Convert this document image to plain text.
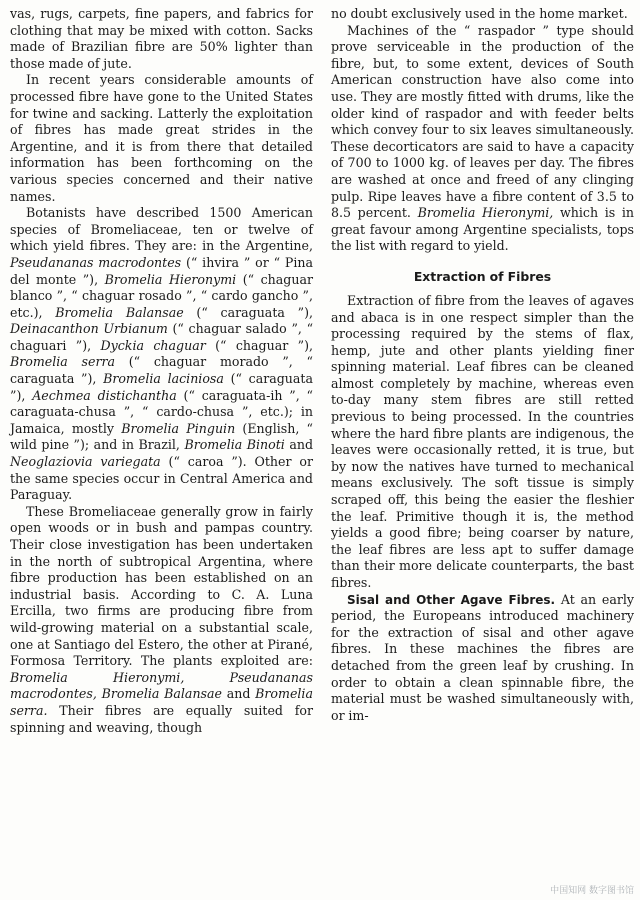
vas, rugs, carpets, fine papers, and fabrics for clothing that may be mixed with cotton. Sacks made of Brazilian fibre are 50% lighter than those made of jute.

In recent years considerable amounts of processed fibre have gone to the United States for twine and sacking. Latterly the exploitation of fibres has made great strides in the Argentine, and it is from there that detailed information has been forthcoming on the various species concerned and their native names.

Botanists have described 1500 American species of Bromeliaceae, ten or twelve of which yield fibres. They are: in the Argentine, Pseudananas macrodontes (“ ihvira ” or “ Pina del monte ”), Bromelia Hieronymi (“ chaguar blanco ”, “ chaguar rosado ”, “ cardo gancho ”, etc.), Bromelia Balansae (“ caraguata ”), Deinacanthon Urbianum (“ chaguar salado ”, “ chaguari ”), Dyckia chaguar (“ chaguar ”), Bromelia serra (“ chaguar morado ”, “ caraguata ”), Bromelia laciniosa (“ caraguata ”), Aechmea distichantha (“ caraguata-ih ”, “ caraguata-chusa ”, “ cardo-chusa ”, etc.); in Jamaica, mostly Bromelia Pinguin (English, “ wild pine ”); and in Brazil, Bromelia Binoti and Neoglaziovia variegata (“ caroa ”). Other or the same species occur in Central America and Paraguay.

These Bromeliaceae generally grow in fairly open woods or in bush and pampas country. Their close investigation has been undertaken in the north of subtropical Argentina, where fibre production has been established on an industrial basis. According to C. A. Luna Ercilla, two firms are producing fibre from wild-growing material on a substantial scale, one at Santiago del Estero, the other at Pirané, Formosa Territory. The plants exploited are: Bromelia Hieronymi, Pseudananas macrodontes, Bromelia Balansae and Bromelia serra. Their fibres are equally suited for spinning and weaving, though

no doubt exclusively used in the home market.

Machines of the “ raspador ” type should prove serviceable in the production of the fibre, but, to some extent, devices of South American construction have also come into use. They are mostly fitted with drums, like the older kind of raspador and with feeder belts which convey four to six leaves simultaneously. These decorticators are said to have a capacity of 700 to 1000 kg. of leaves per day. The fibres are washed at once and freed of any clinging pulp. Ripe leaves have a fibre content of 3.5 to 8.5 percent. Bromelia Hieronymi, which is in great favour among Argentine specialists, tops the list with regard to yield.

Extraction of Fibres

Extraction of fibre from the leaves of agaves and abaca is in one respect simpler than the processing required by the stems of flax, hemp, jute and other plants yielding finer spinning material. Leaf fibres can be cleaned almost completely by machine, whereas even to-day many stem fibres are still retted previous to being processed. In the countries where the hard fibre plants are indigenous, the leaves were occasionally retted, it is true, but by now the natives have turned to mechanical means exclusively. The soft tissue is simply scraped off, this being the easier the fleshier the leaf. Primitive though it is, the method yields a good fibre; being coarser by nature, the leaf fibres are less apt to suffer damage than their more delicate counterparts, the bast fibres.

Sisal and Other Agave Fibres. At an early period, the Europeans introduced machinery for the extraction of sisal and other agave fibres. In these machines the fibres are detached from the green leaf by crushing. In order to obtain a clean spinnable fibre, the material must be washed simultaneously with, or im-

中国知网 数字图书馆
